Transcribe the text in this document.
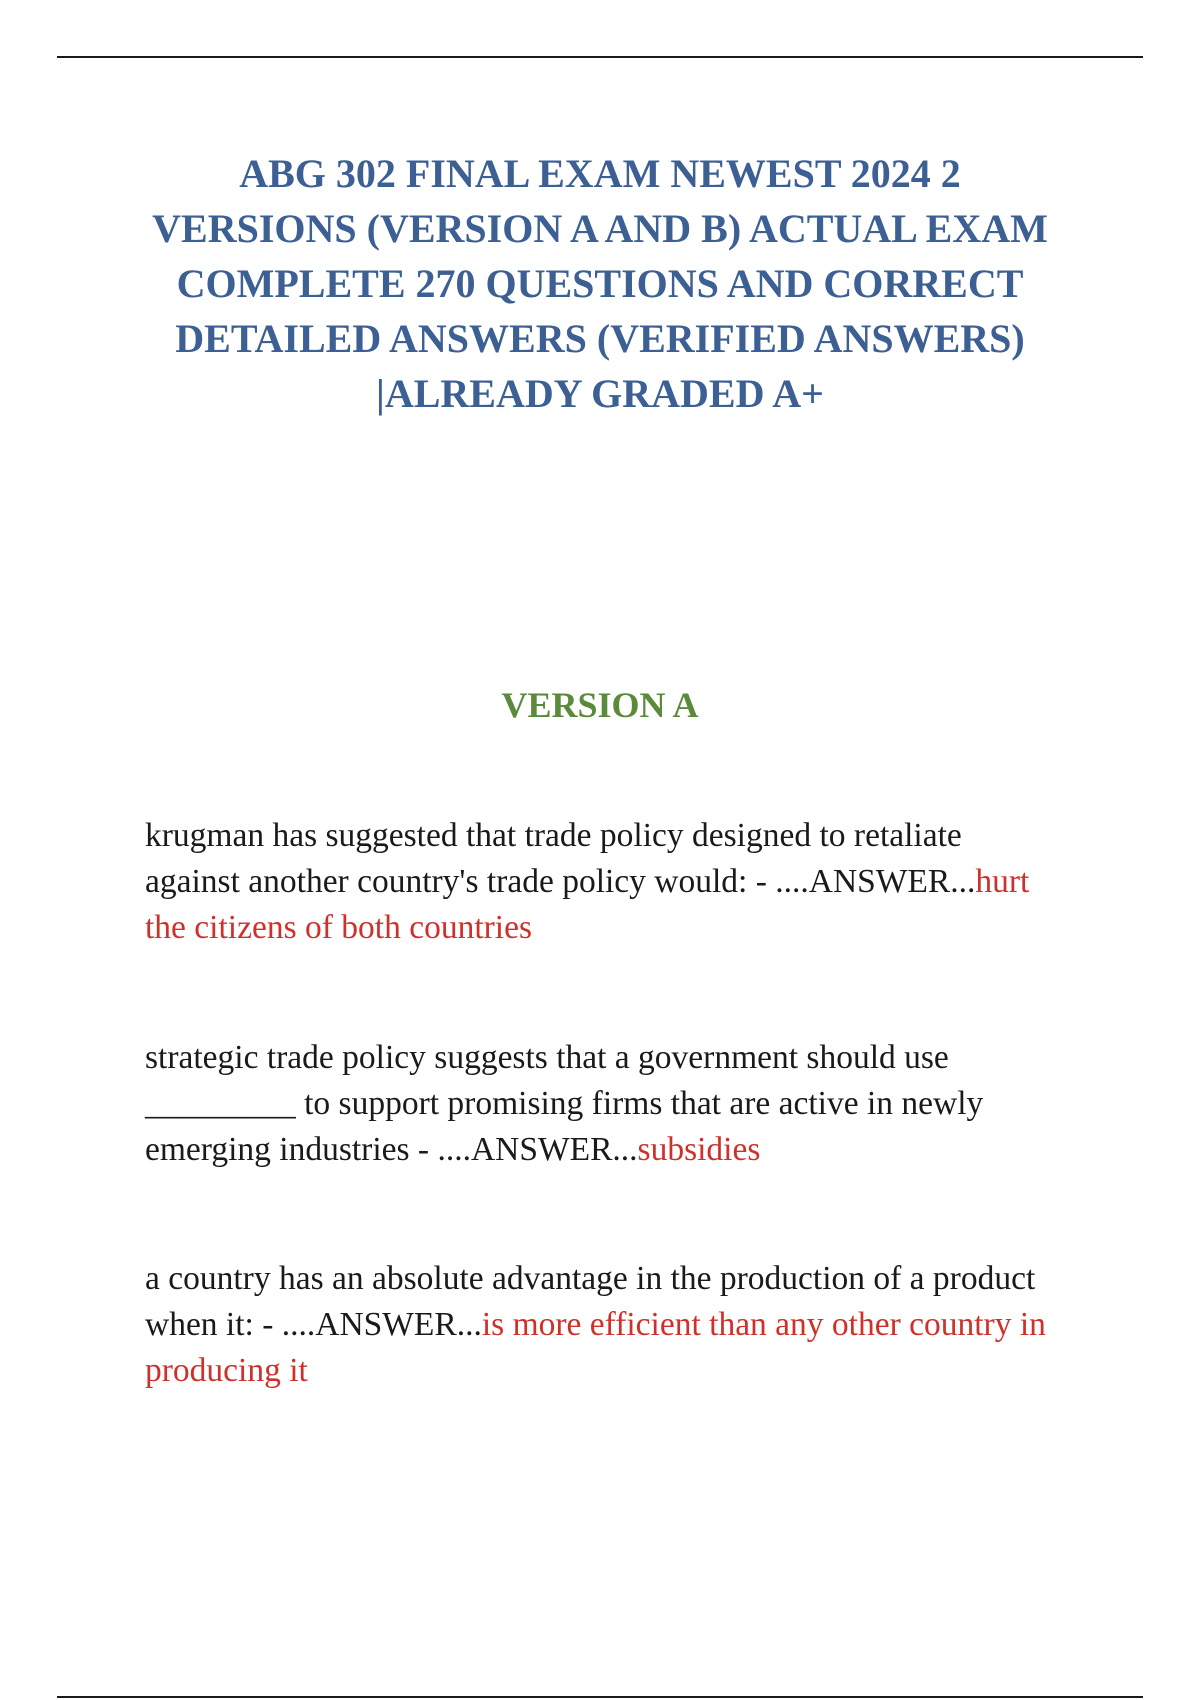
ABG 302 FINAL EXAM NEWEST 2024 2 VERSIONS (VERSION A AND B) ACTUAL EXAM COMPLETE 270 QUESTIONS AND CORRECT DETAILED ANSWERS (VERIFIED ANSWERS) |ALREADY GRADED A+
VERSION A

krugman has suggested that trade policy designed to retaliate against another country's trade policy would: - ....ANSWER...hurt the citizens of both countries

strategic trade policy suggests that a government should use _________ to support promising firms that are active in newly emerging industries - ....ANSWER...subsidies

a country has an absolute advantage in the production of a product when it: - ....ANSWER...is more efficient than any other country in producing it
